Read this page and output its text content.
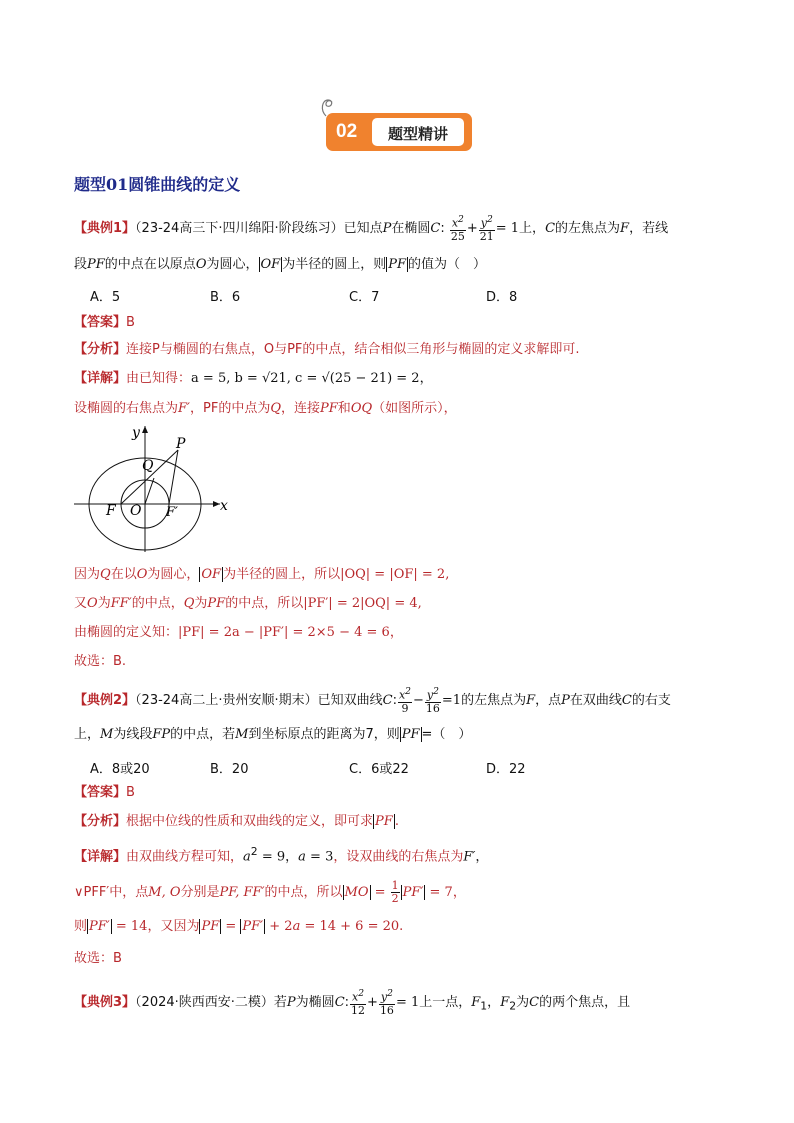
02	题型精讲
题型01圆锥曲线的定义
【典例1】（23-24高三下·四川绵阳·阶段练习）已知点P在椭圆C: $\frac{x^2}{25} + \frac{y^2}{21} = 1$上，C的左焦点为F，若线
段PF的中点在以原点O为圆心， OF 为半径的圆上，则 PF 的值为（　）
A．5	B．6	C．7	D．8
【答案】B
【分析】连接P与椭圆的右焦点，O与PF的中点，结合相似三角形与椭圆的定义求解即可.
【详解】由已知得：a = 5, b = √21, c = √(25 − 21) = 2，
设椭圆的右焦点为F′，PF的中点为Q，连接PF和OQ（如图所示），
y
x
P
Q
F O F′
因为Q在以O为圆心， OF 为半径的圆上，所以|OQ| = |OF| = 2,
又O为FF′的中点，Q为PF的中点，所以|PF′| = 2|OQ| = 4,
由椭圆的定义知：|PF| = 2a − |PF′| = 2×5 − 4 = 6，
故选：B.
【典例2】（23-24高二上·贵州安顺·期末）已知双曲线C: $\frac{x^2}{9} - \frac{y^2}{16} =1$的左焦点为F，点P在双曲线C的右支
上，M为线段FP的中点，若M到坐标原点的距离为7，则 PF =（　）
A．8或20	B．20	C．6或22	D．22
【答案】B
【分析】根据中位线的性质和双曲线的定义，即可求 PF .
【详解】由双曲线方程可知，$a^2 = 9$，a = 3，设双曲线的右焦点为F′，
∨PFF′中，点M, O分别是PF, FF′的中点，所以 MO = $\frac{1}{2} PF' = 7$，
则 PF′ = 14，又因为 PF = PF′ + 2a = 14 + 6 = 20.
故选：B
【典例3】（2024·陕西西安·二模）若P为椭圆C: $\frac{x^2}{12} + \frac{y^2}{16} = 1$上一点，$F_1$，$F_2$为C的两个焦点，且
